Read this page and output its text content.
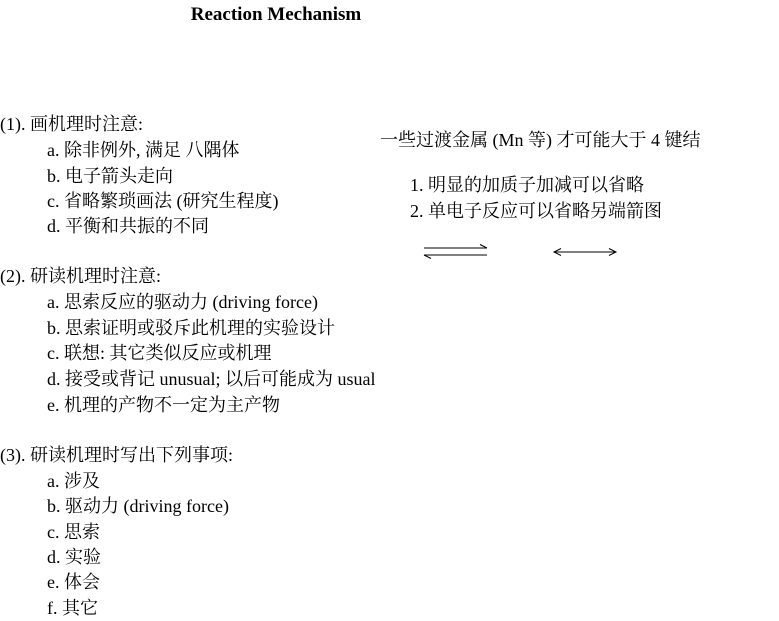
Reaction Mechanism
(1). 画机理时注意:
a. 除非例外, 满足 八隅体
b. 电子箭头走向
c. 省略繁琐画法 (研究生程度)
d. 平衡和共振的不同
(2). 研读机理时注意:
a. 思索反应的驱动力 (driving force)
b. 思索证明或驳斥此机理的实验设计
c. 联想: 其它类似反应或机理
d. 接受或背记 unusual; 以后可能成为 usual
e. 机理的产物不一定为主产物
(3). 研读机理时写出下列事项:
a. 涉及
b. 驱动力 (driving force)
c. 思索
d. 实验
e. 体会
f. 其它
一些过渡金属 (Mn 等) 才可能大于 4 键结
1. 明显的加质子加减可以省略
2. 单电子反应可以省略另端箭图
